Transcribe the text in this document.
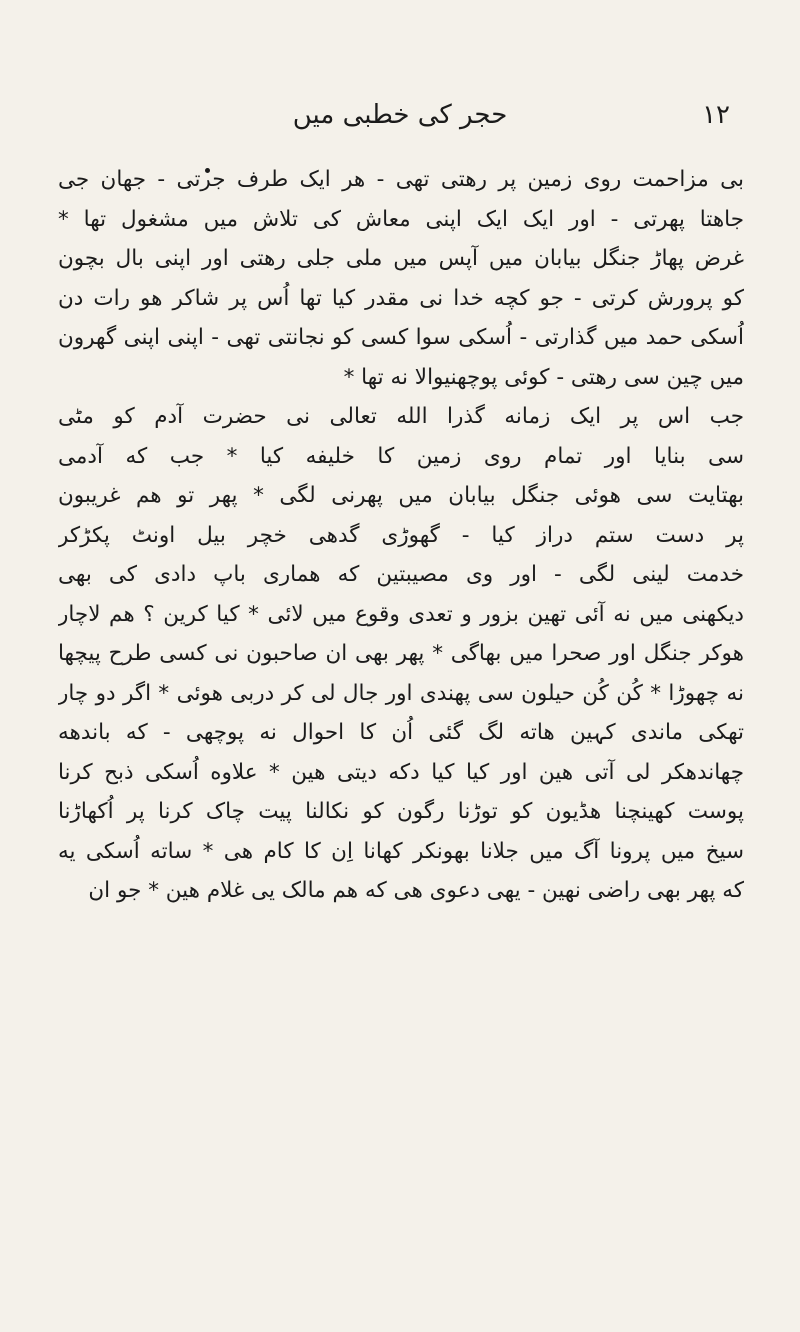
۱۲
حجر کی خطبی میں
بی مزاحمت روی زمین پر رهتی تهی - هر ایک طرف جرتی - جهان جی
جاهتا پهرتی - اور ایک ایک اپنی معاش کی تلاش میں مشغول تها *
غرض پهاڑ جنگل بیابان میں آپس میں ملی جلی رهتی اور اپنی بال بچون
کو پرورش کرتی - جو کچه خدا نی مقدر کیا تها اُس پر شاکر هو رات دن
اُسکی حمد میں گذارتی - اُسکی سوا کسی کو نجانتی تهی - اپنی اپنی گهرون
میں چین سی رهتی - کوئی پوچهنیوالا نه تها *
جب اس پر ایک زمانه گذرا الله تعالی نی حضرت آدم کو مٹی
سی بنایا اور تمام روی زمین کا خلیفه کیا * جب که آدمی
بهتایت سی هوئی جنگل بیابان میں پهرنی لگی * پهر تو هم غریبون
پر دست ستم دراز کیا - گهوڑی گدهی خچر بیل اونٹ پکڑکر
خدمت لینی لگی - اور وی مصیبتین که هماری باپ دادی کی بهی
دیکهنی میں نه آئی تهین بزور و تعدی وقوع میں لائی * کیا کرین ؟ هم لاچار
هوکر جنگل اور صحرا میں بهاگی * پهر بهی ان صاحبون نی کسی طرح پیچها
نه چهوڑا * کُن کُن حیلون سی پهندی اور جال لی کر دربی هوئی * اگر دو چار
تهکی ماندی کہین هاته لگ گئی اُن کا احوال نه پوچهی - که باندهه
چهاندهکر لی آتی هین اور کیا کیا دکه دیتی هین * علاوه اُسکی ذبح کرنا
پوست کهینچنا هڈیون کو توڑنا رگون کو نکالنا پیت چاک کرنا پر اُکهاڑنا
سیخ میں پرونا آگ میں جلانا بهونکر کهانا اِن کا کام هی * ساته اُسکی یه
که پهر بهی راضی نهین - یهی دعوی هی که هم مالک یی غلام هین * جو ان
